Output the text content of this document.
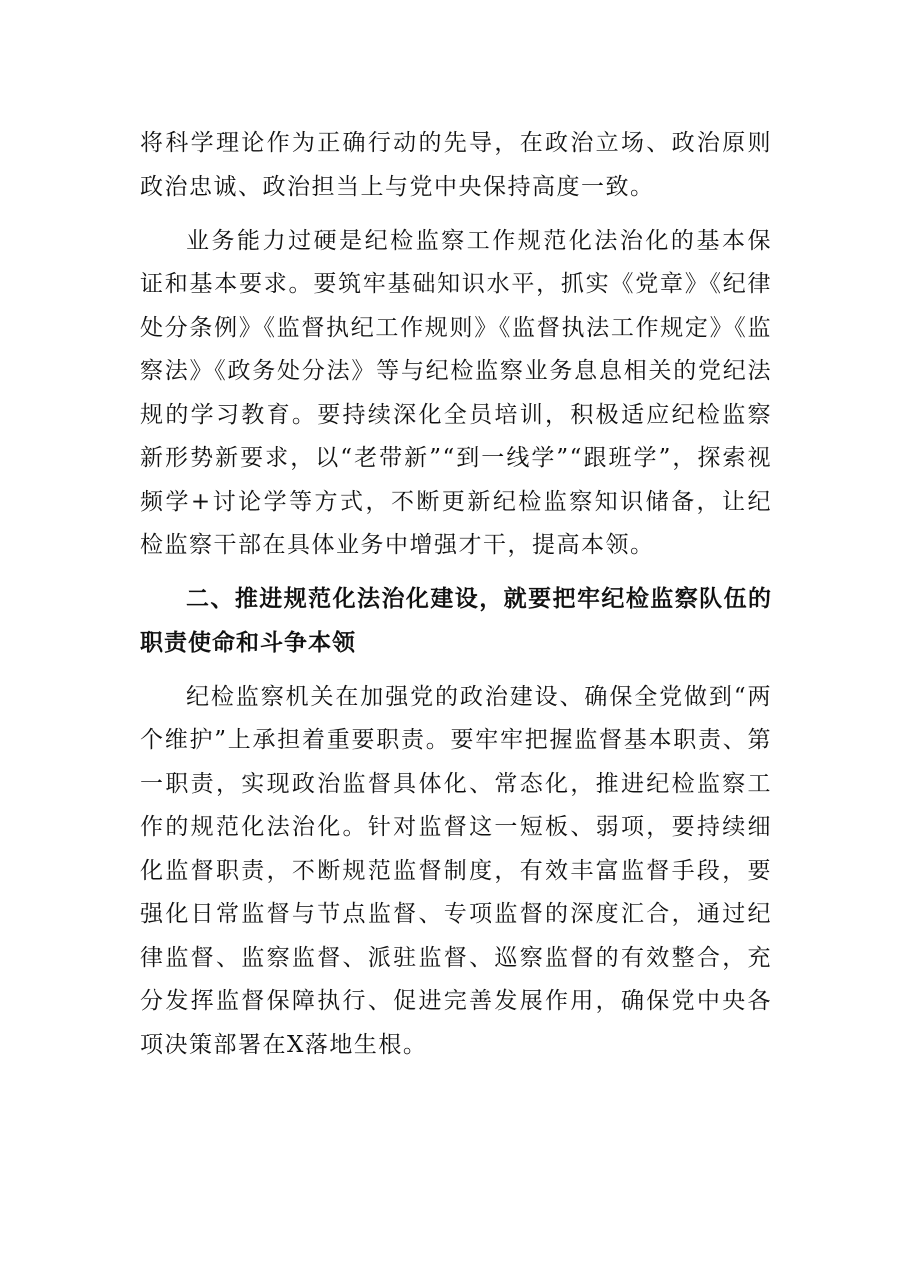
将科学理论作为正确行动的先导，在政治立场、政治原则政治忠诚、政治担当上与党中央保持高度一致。

业务能力过硬是纪检监察工作规范化法治化的基本保证和基本要求。要筑牢基础知识水平，抓实《党章》《纪律处分条例》《监督执纪工作规则》《监督执法工作规定》《监察法》《政务处分法》等与纪检监察业务息息相关的党纪法规的学习教育。要持续深化全员培训，积极适应纪检监察新形势新要求，以“老带新”“到一线学”“跟班学”，探索视频学+讨论学等方式，不断更新纪检监察知识储备，让纪检监察干部在具体业务中增强才干，提高本领。

二、推进规范化法治化建设，就要把牢纪检监察队伍的职责使命和斗争本领

纪检监察机关在加强党的政治建设、确保全党做到“两个维护”上承担着重要职责。要牢牢把握监督基本职责、第一职责，实现政治监督具体化、常态化，推进纪检监察工作的规范化法治化。针对监督这一短板、弱项，要持续细化监督职责，不断规范监督制度，有效丰富监督手段，要强化日常监督与节点监督、专项监督的深度汇合，通过纪律监督、监察监督、派驻监督、巡察监督的有效整合，充分发挥监督保障执行、促进完善发展作用，确保党中央各项决策部署在X落地生根。
